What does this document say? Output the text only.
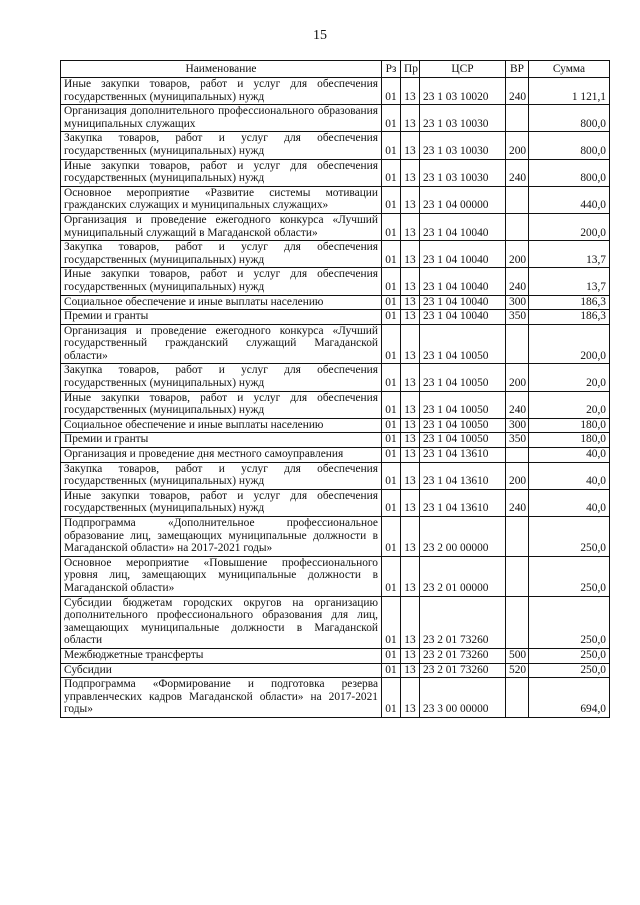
15
Наименование	Рз	Пр	ЦСР	ВР	Сумма
Иные закупки товаров, работ и услуг для обеспечения государственных (муниципальных) нужд	01	13	23 1 03 10020	240	1 121,1
Организация дополнительного профессионального образования муниципальных служащих	01	13	23 1 03 10030		800,0
Закупка товаров, работ и услуг для обеспечения государственных (муниципальных) нужд	01	13	23 1 03 10030	200	800,0
Иные закупки товаров, работ и услуг для обеспечения государственных (муниципальных) нужд	01	13	23 1 03 10030	240	800,0
Основное мероприятие «Развитие системы мотивации гражданских служащих и муниципальных служащих»	01	13	23 1 04 00000		440,0
Организация и проведение ежегодного конкурса «Лучший муниципальный служащий в Магаданской области»	01	13	23 1 04 10040		200,0
Закупка товаров, работ и услуг для обеспечения государственных (муниципальных) нужд	01	13	23 1 04 10040	200	13,7
Иные закупки товаров, работ и услуг для обеспечения государственных (муниципальных) нужд	01	13	23 1 04 10040	240	13,7
Социальное обеспечение и иные выплаты населению	01	13	23 1 04 10040	300	186,3
Премии и гранты	01	13	23 1 04 10040	350	186,3
Организация и проведение ежегодного конкурса «Лучший государственный гражданский служащий Магаданской области»	01	13	23 1 04 10050		200,0
Закупка товаров, работ и услуг для обеспечения государственных (муниципальных) нужд	01	13	23 1 04 10050	200	20,0
Иные закупки товаров, работ и услуг для обеспечения государственных (муниципальных) нужд	01	13	23 1 04 10050	240	20,0
Социальное обеспечение и иные выплаты населению	01	13	23 1 04 10050	300	180,0
Премии и гранты	01	13	23 1 04 10050	350	180,0
Организация и проведение дня местного самоуправления	01	13	23 1 04 13610		40,0
Закупка товаров, работ и услуг для обеспечения государственных (муниципальных) нужд	01	13	23 1 04 13610	200	40,0
Иные закупки товаров, работ и услуг для обеспечения государственных (муниципальных) нужд	01	13	23 1 04 13610	240	40,0
Подпрограмма «Дополнительное профессиональное образование лиц, замещающих муниципальные должности в Магаданской области» на 2017-2021 годы»	01	13	23 2 00 00000		250,0
Основное мероприятие «Повышение профессионального уровня лиц, замещающих муниципальные должности в Магаданской области»	01	13	23 2 01 00000		250,0
Субсидии бюджетам городских округов на организацию дополнительного профессионального образования для лиц, замещающих муниципальные должности в Магаданской области	01	13	23 2 01 73260		250,0
Межбюджетные трансферты	01	13	23 2 01 73260	500	250,0
Субсидии	01	13	23 2 01 73260	520	250,0
Подпрограмма «Формирование и подготовка резерва управленческих кадров Магаданской области» на 2017-2021 годы»	01	13	23 3 00 00000		694,0
